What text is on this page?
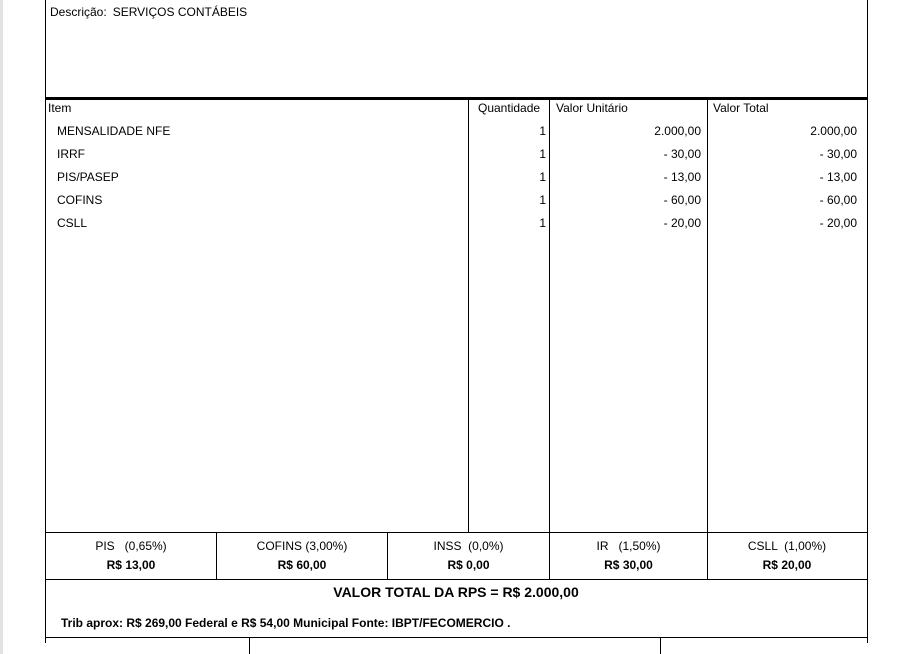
Descrição: SERVIÇOS CONTÁBEIS
Item	Quantidade Valor Unitário	Valor Total
MENSALIDADE NFE	1	2.000,00	2.000,00
IRRF	1	- 30,00	- 30,00
PIS/PASEP	1	- 13,00	- 13,00
COFINS	1	- 60,00	- 60,00
CSLL	1	- 20,00	- 20,00
PIS   (0,65%)
R$ 13,00
COFINS (3,00%)
R$ 60,00
INSS  (0,0%)
R$ 0,00
IR   (1,50%)
R$ 30,00
CSLL  (1,00%)
R$ 20,00
VALOR TOTAL DA RPS = R$ 2.000,00
Trib aprox: R$ 269,00 Federal e R$ 54,00 Municipal Fonte: IBPT/FECOMERCIO .
